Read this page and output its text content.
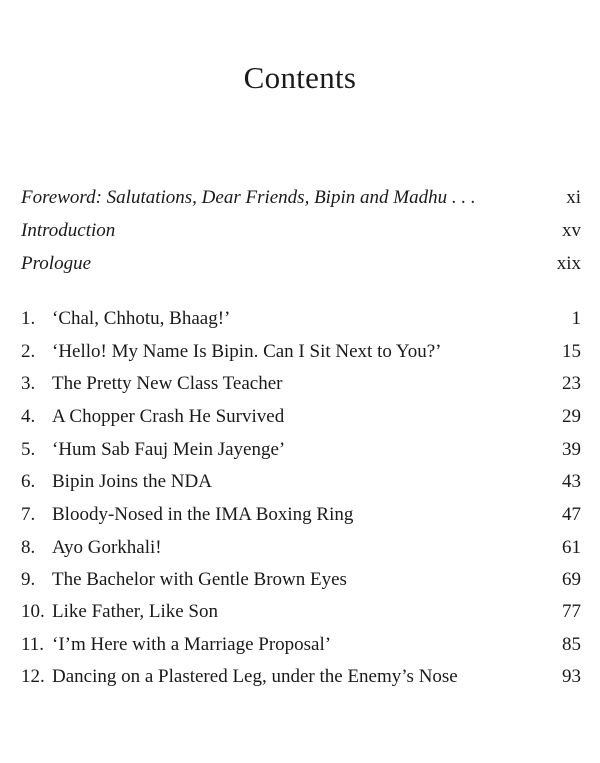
Contents
Foreword: Salutations, Dear Friends, Bipin and Madhu . . .	xi
Introduction	xv
Prologue	xix
1. ‘Chal, Chhotu, Bhaag!’	1
2. ‘Hello! My Name Is Bipin. Can I Sit Next to You?’	15
3. The Pretty New Class Teacher	23
4. A Chopper Crash He Survived	29
5. ‘Hum Sab Fauj Mein Jayenge’	39
6. Bipin Joins the NDA	43
7. Bloody-Nosed in the IMA Boxing Ring	47
8. Ayo Gorkhali!	61
9. The Bachelor with Gentle Brown Eyes	69
10. Like Father, Like Son	77
11. ‘I’m Here with a Marriage Proposal’	85
12. Dancing on a Plastered Leg, under the Enemy’s Nose	93
